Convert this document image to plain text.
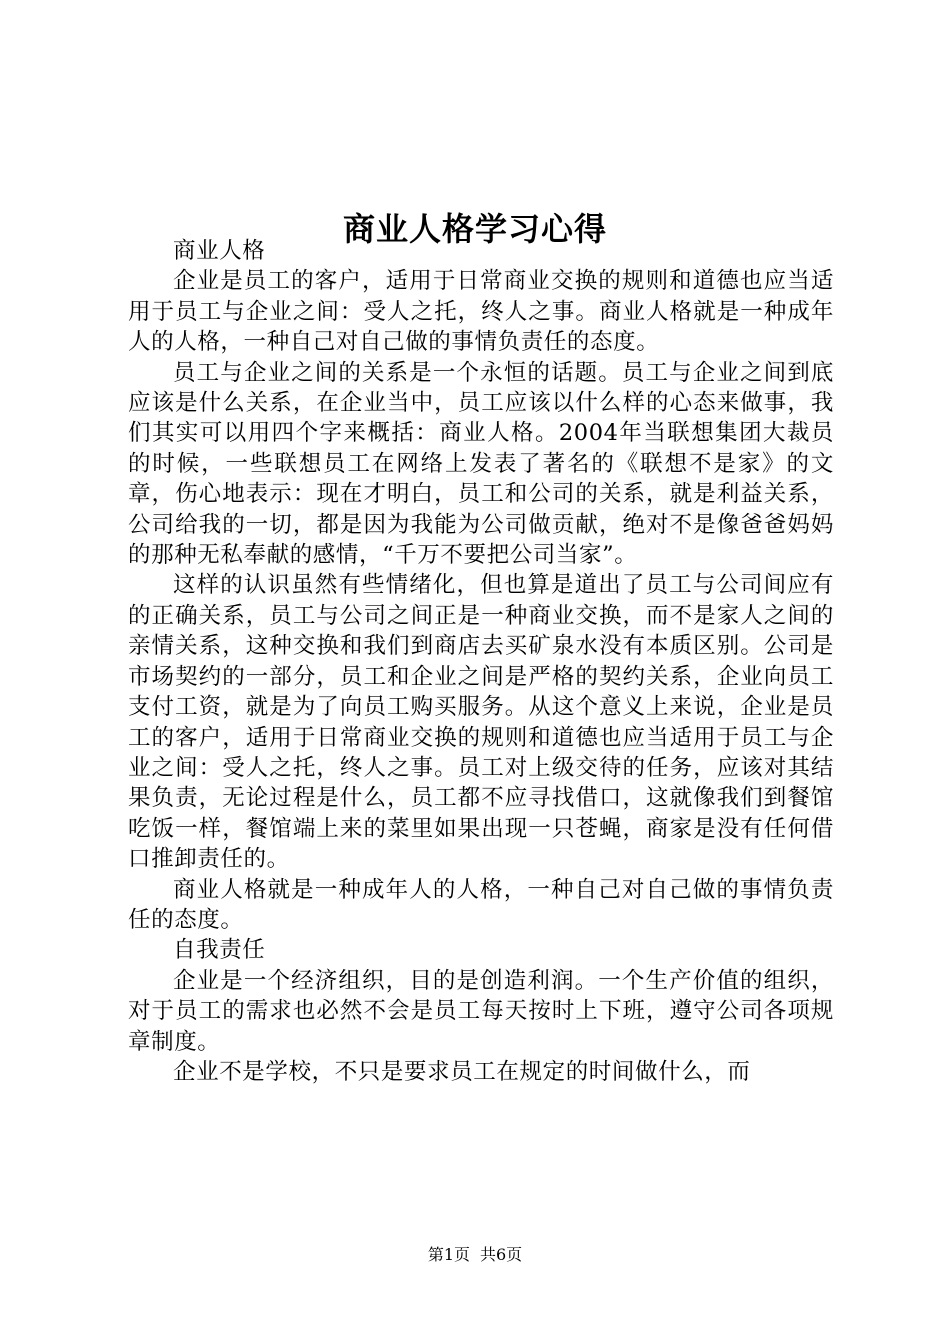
商业人格学习心得

商业人格

企业是员工的客户，适用于日常商业交换的规则和道德也应当适用于员工与企业之间：受人之托，终人之事。商业人格就是一种成年人的人格，一种自己对自己做的事情负责任的态度。

员工与企业之间的关系是一个永恒的话题。员工与企业之间到底应该是什么关系，在企业当中，员工应该以什么样的心态来做事，我们其实可以用四个字来概括：商业人格。2004年当联想集团大裁员的时候，一些联想员工在网络上发表了著名的《联想不是家》的文章，伤心地表示：现在才明白，员工和公司的关系，就是利益关系，公司给我的一切，都是因为我能为公司做贡献，绝对不是像爸爸妈妈的那种无私奉献的感情，“千万不要把公司当家”。

这样的认识虽然有些情绪化，但也算是道出了员工与公司间应有的正确关系，员工与公司之间正是一种商业交换，而不是家人之间的亲情关系，这种交换和我们到商店去买矿泉水没有本质区别。公司是市场契约的一部分，员工和企业之间是严格的契约关系，企业向员工支付工资，就是为了向员工购买服务。从这个意义上来说，企业是员工的客户，适用于日常商业交换的规则和道德也应当适用于员工与企业之间：受人之托，终人之事。员工对上级交待的任务，应该对其结果负责，无论过程是什么，员工都不应寻找借口，这就像我们到餐馆吃饭一样，餐馆端上来的菜里如果出现一只苍蝇，商家是没有任何借口推卸责任的。

商业人格就是一种成年人的人格，一种自己对自己做的事情负责任的态度。

自我责任

企业是一个经济组织，目的是创造利润。一个生产价值的组织，对于员工的需求也必然不会是员工每天按时上下班，遵守公司各项规章制度。

企业不是学校，不只是要求员工在规定的时间做什么，而

第1页 共6页
